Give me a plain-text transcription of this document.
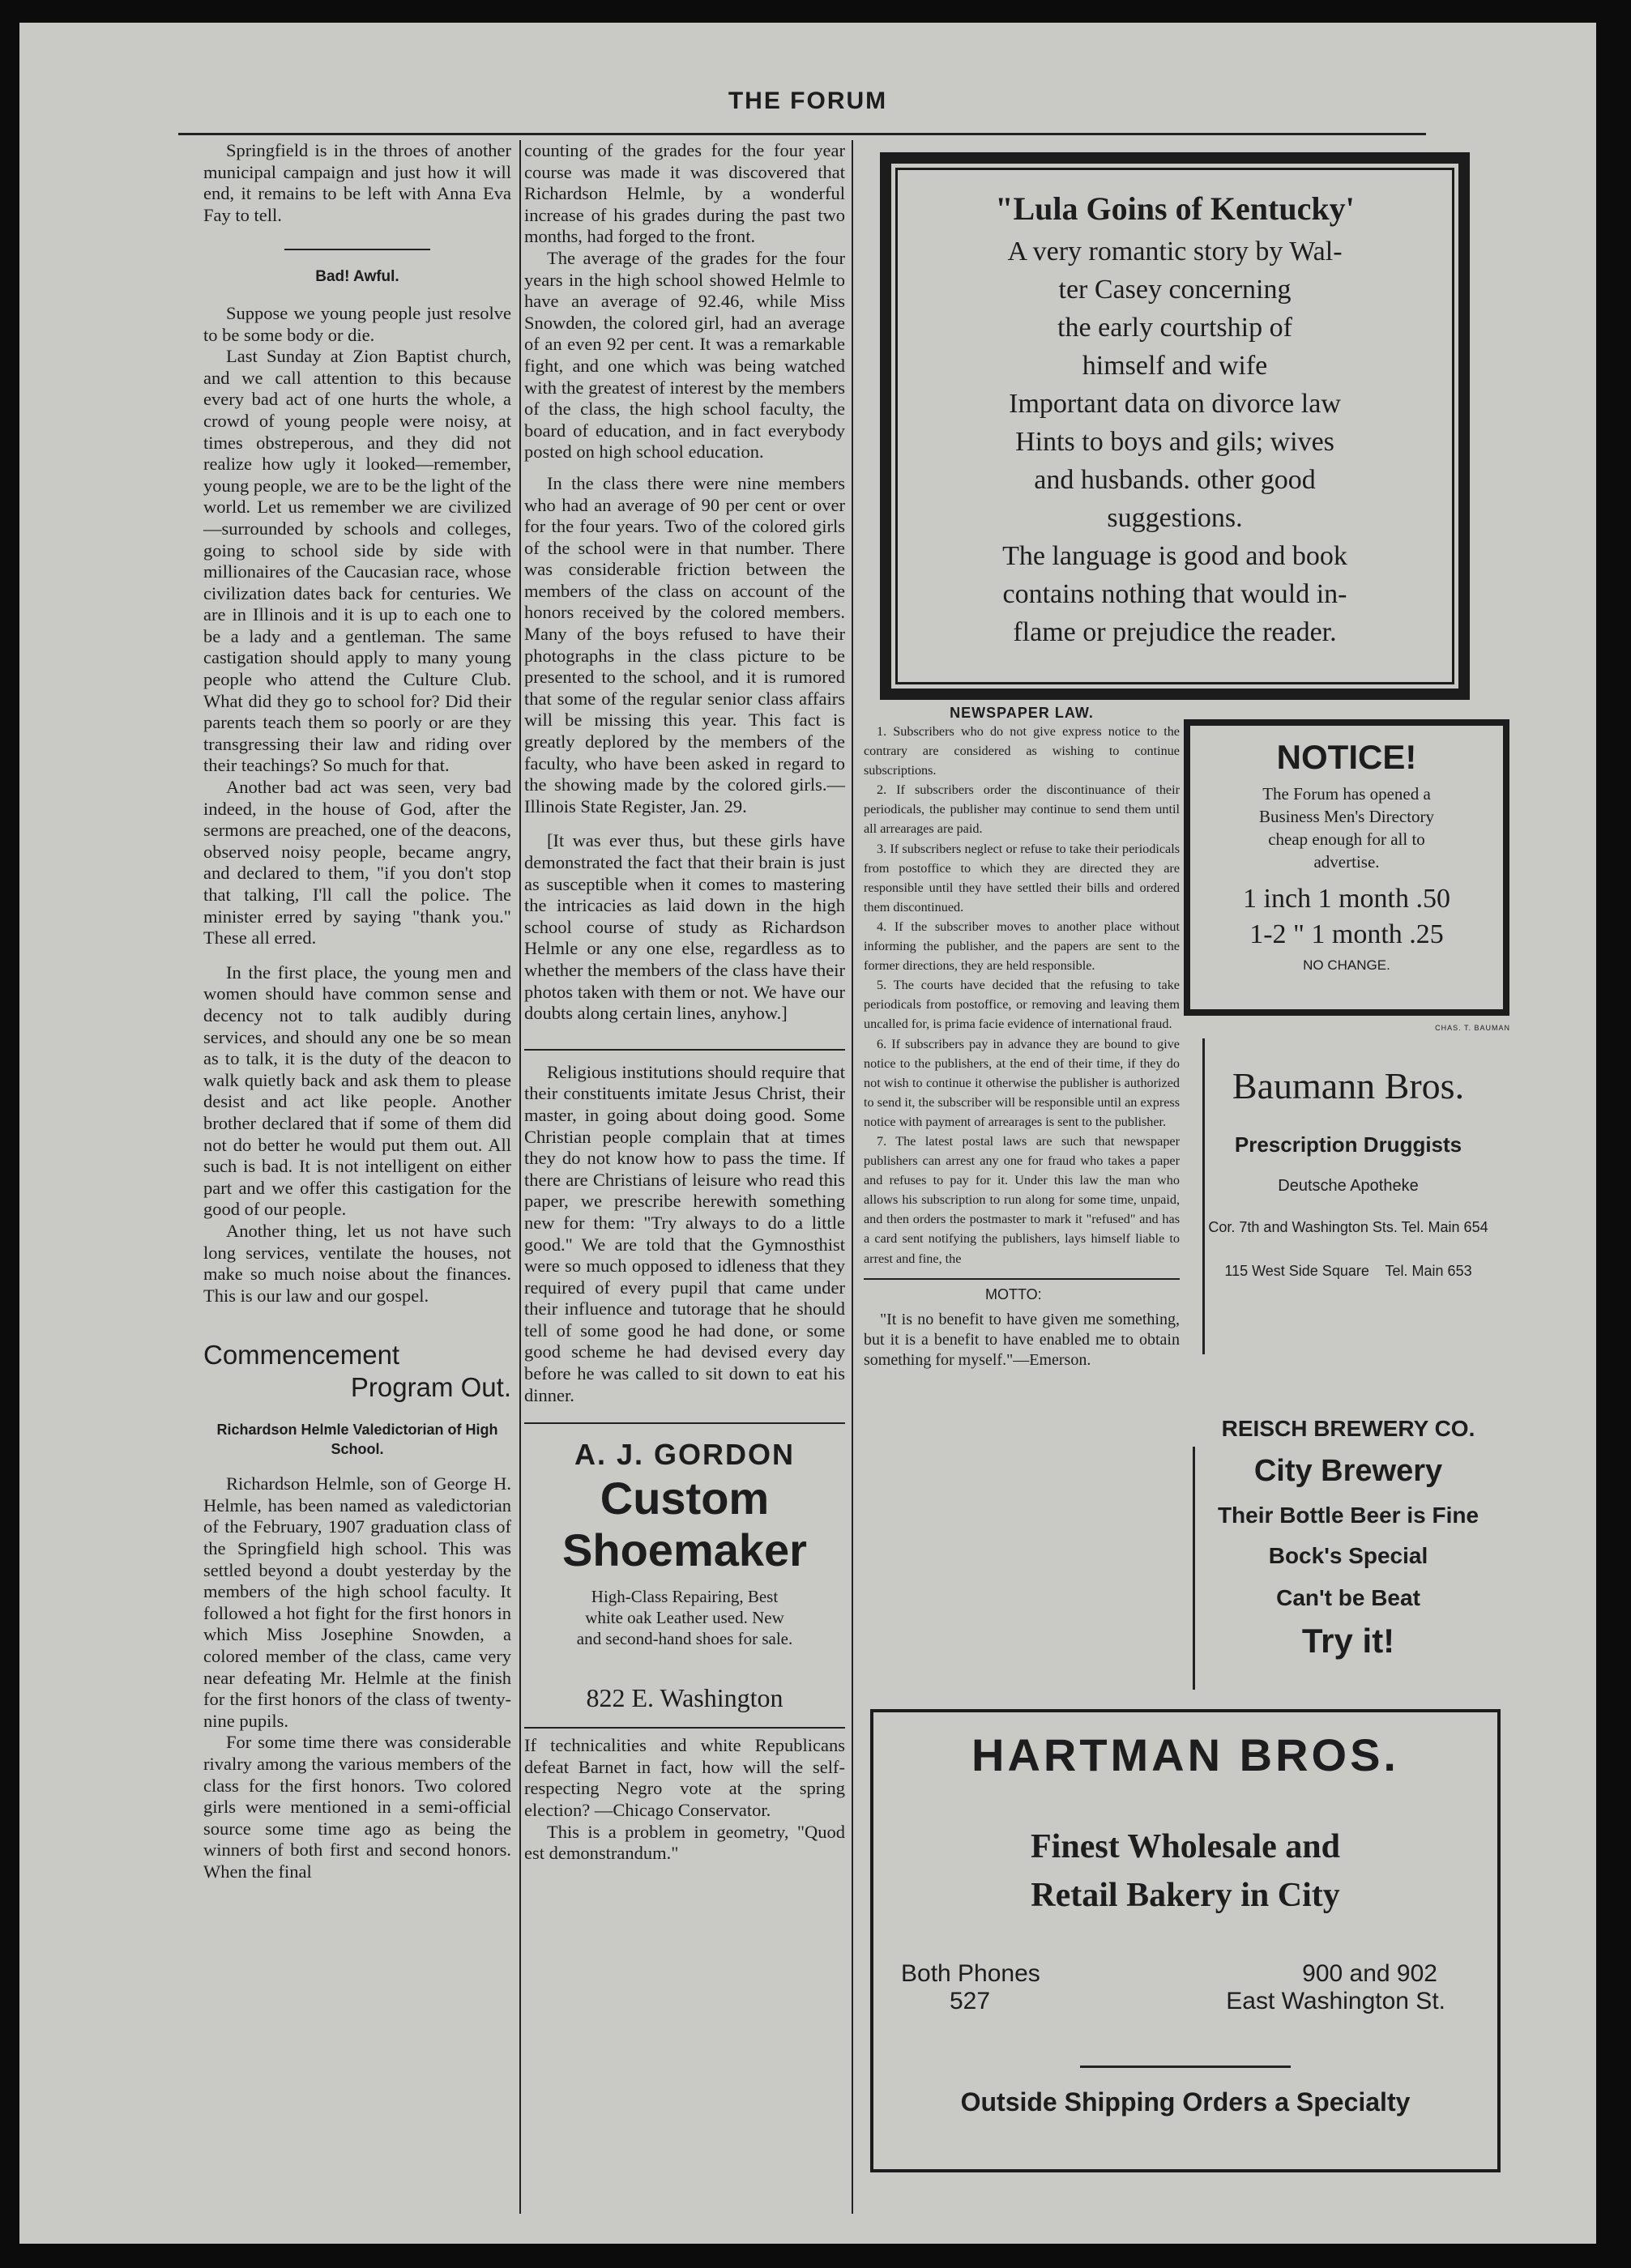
THE FORUM

Springfield is in the throes of another municipal campaign and just how it will end, it remains to be left with Anna Eva Fay to tell.

Bad! Awful.

Suppose we young people just resolve to be some body or die.

Last Sunday at Zion Baptist church, and we call attention to this because every bad act of one hurts the whole, a crowd of young people were noisy, at times obstreperous, and they did not realize how ugly it looked—remember, young people, we are to be the light of the world. Let us remember we are civilized—surrounded by schools and colleges, going to school side by side with millionaires of the Caucasian race, whose civilization dates back for centuries. We are in Illinois and it is up to each one to be a lady and a gentleman. The same castigation should apply to many young people who attend the Culture Club. What did they go to school for? Did their parents teach them so poorly or are they transgressing their law and riding over their teachings? So much for that.

Another bad act was seen, very bad indeed, in the house of God, after the sermons are preached, one of the deacons, observed noisy people, became angry, and declared to them, "if you don't stop that talking, I'll call the police. The minister erred by saying "thank you." These all erred.

In the first place, the young men and women should have common sense and decency not to talk audibly during services, and should any one be so mean as to talk, it is the duty of the deacon to walk quietly back and ask them to please desist and act like people. Another brother declared that if some of them did not do better he would put them out. All such is bad. It is not intelligent on either part and we offer this castigation for the good of our people.

Another thing, let us not have such long services, ventilate the houses, not make so much noise about the finances. This is our law and our gospel.

Commencement
Program Out.
Richardson Helmle Valedictorian of High School.

Richardson Helmle, son of George H. Helmle, has been named as valedictorian of the February, 1907 graduation class of the Springfield high school. This was settled beyond a doubt yesterday by the members of the high school faculty. It followed a hot fight for the first honors in which Miss Josephine Snowden, a colored member of the class, came very near defeating Mr. Helmle at the finish for the first honors of the class of twenty-nine pupils.

For some time there was considerable rivalry among the various members of the class for the first honors. Two colored girls were mentioned in a semi-official source some time ago as being the winners of both first and second honors. When the final

counting of the grades for the four year course was made it was discovered that Richardson Helmle, by a wonderful increase of his grades during the past two months, had forged to the front.

The average of the grades for the four years in the high school showed Helmle to have an average of 92.46, while Miss Snowden, the colored girl, had an average of an even 92 per cent. It was a remarkable fight, and one which was being watched with the greatest of interest by the members of the class, the high school faculty, the board of education, and in fact everybody posted on high school education.

In the class there were nine members who had an average of 90 per cent or over for the four years. Two of the colored girls of the school were in that number. There was considerable friction between the members of the class on account of the honors received by the colored members. Many of the boys refused to have their photographs in the class picture to be presented to the school, and it is rumored that some of the regular senior class affairs will be missing this year. This fact is greatly deplored by the members of the faculty, who have been asked in regard to the showing made by the colored girls.—Illinois State Register, Jan. 29.

[It was ever thus, but these girls have demonstrated the fact that their brain is just as susceptible when it comes to mastering the intricacies as laid down in the high school course of study as Richardson Helmle or any one else, regardless as to whether the members of the class have their photos taken with them or not. We have our doubts along certain lines, anyhow.]

Religious institutions should require that their constituents imitate Jesus Christ, their master, in going about doing good. Some Christian people complain that at times they do not know how to pass the time. If there are Christians of leisure who read this paper, we prescribe herewith something new for them: "Try always to do a little good." We are told that the Gymnosthist were so much opposed to idleness that they required of every pupil that came under their influence and tutorage that he should tell of some good he had done, or some good scheme he had devised every day before he was called to sit down to eat his dinner.

A. J. GORDON
Custom
Shoemaker
High-Class Repairing, Best white oak Leather used. New and second-hand shoes for sale.
822 E. Washington

If technicalities and white Republicans defeat Barnet in fact, how will the self-respecting Negro vote at the spring election? —Chicago Conservator.

This is a problem in geometry, "Quod est demonstrandum."

"Lula Goins of Kentucky'
A very romantic story by Wal-
ter Casey concerning
the early courtship of
himself and wife
Important data on divorce law
Hints to boys and gils; wives
and husbands. other good
suggestions.
The language is good and book
contains nothing that would in-
flame or prejudice the reader.
NEWSPAPER LAW.

1. Subscribers who do not give express notice to the contrary are considered as wishing to continue subscriptions.

2. If subscribers order the discontinuance of their periodicals, the publisher may continue to send them until all arrearages are paid.

3. If subscribers neglect or refuse to take their periodicals from postoffice to which they are directed they are responsible until they have settled their bills and ordered them discontinued.

4. If the subscriber moves to another place without informing the publisher, and the papers are sent to the former directions, they are held responsible.

5. The courts have decided that the refusing to take periodicals from postoffice, or removing and leaving them uncalled for, is prima facie evidence of international fraud.

6. If subscribers pay in advance they are bound to give notice to the publishers, at the end of their time, if they do not wish to continue it otherwise the publisher is authorized to send it, the subscriber will be responsible until an express notice with payment of arrearages is sent to the publisher.

7. The latest postal laws are such that newspaper publishers can arrest any one for fraud who takes a paper and refuses to pay for it. Under this law the man who allows his subscription to run along for some time, unpaid, and then orders the postmaster to mark it "refused" and has a card sent notifying the publishers, lays himself liable to arrest and fine, the

MOTTO:
"It is no benefit to have given me something, but it is a benefit to have enabled me to obtain something for myself."—Emerson.
NOTICE!
The Forum has opened a
Business Men's Directory
cheap enough for all to
advertise.
1 inch 1 month .50
1-2 " 1 month .25
NO CHANGE.
CHAS. T. BAUMAN
Baumann Bros.
Prescription Druggists
Deutsche Apotheke
Cor. 7th and Washington Sts. Tel. Main 654
115 West Side Square    Tel. Main 653
REISCH BREWERY CO.
City Brewery
Their Bottle Beer is Fine
Bock's Special
Can't be Beat
Try it!
HARTMAN BROS.
Finest Wholesale and
Retail Bakery in City
Both Phones
527
900 and 902
East Washington St.
Outside Shipping Orders a Specialty
